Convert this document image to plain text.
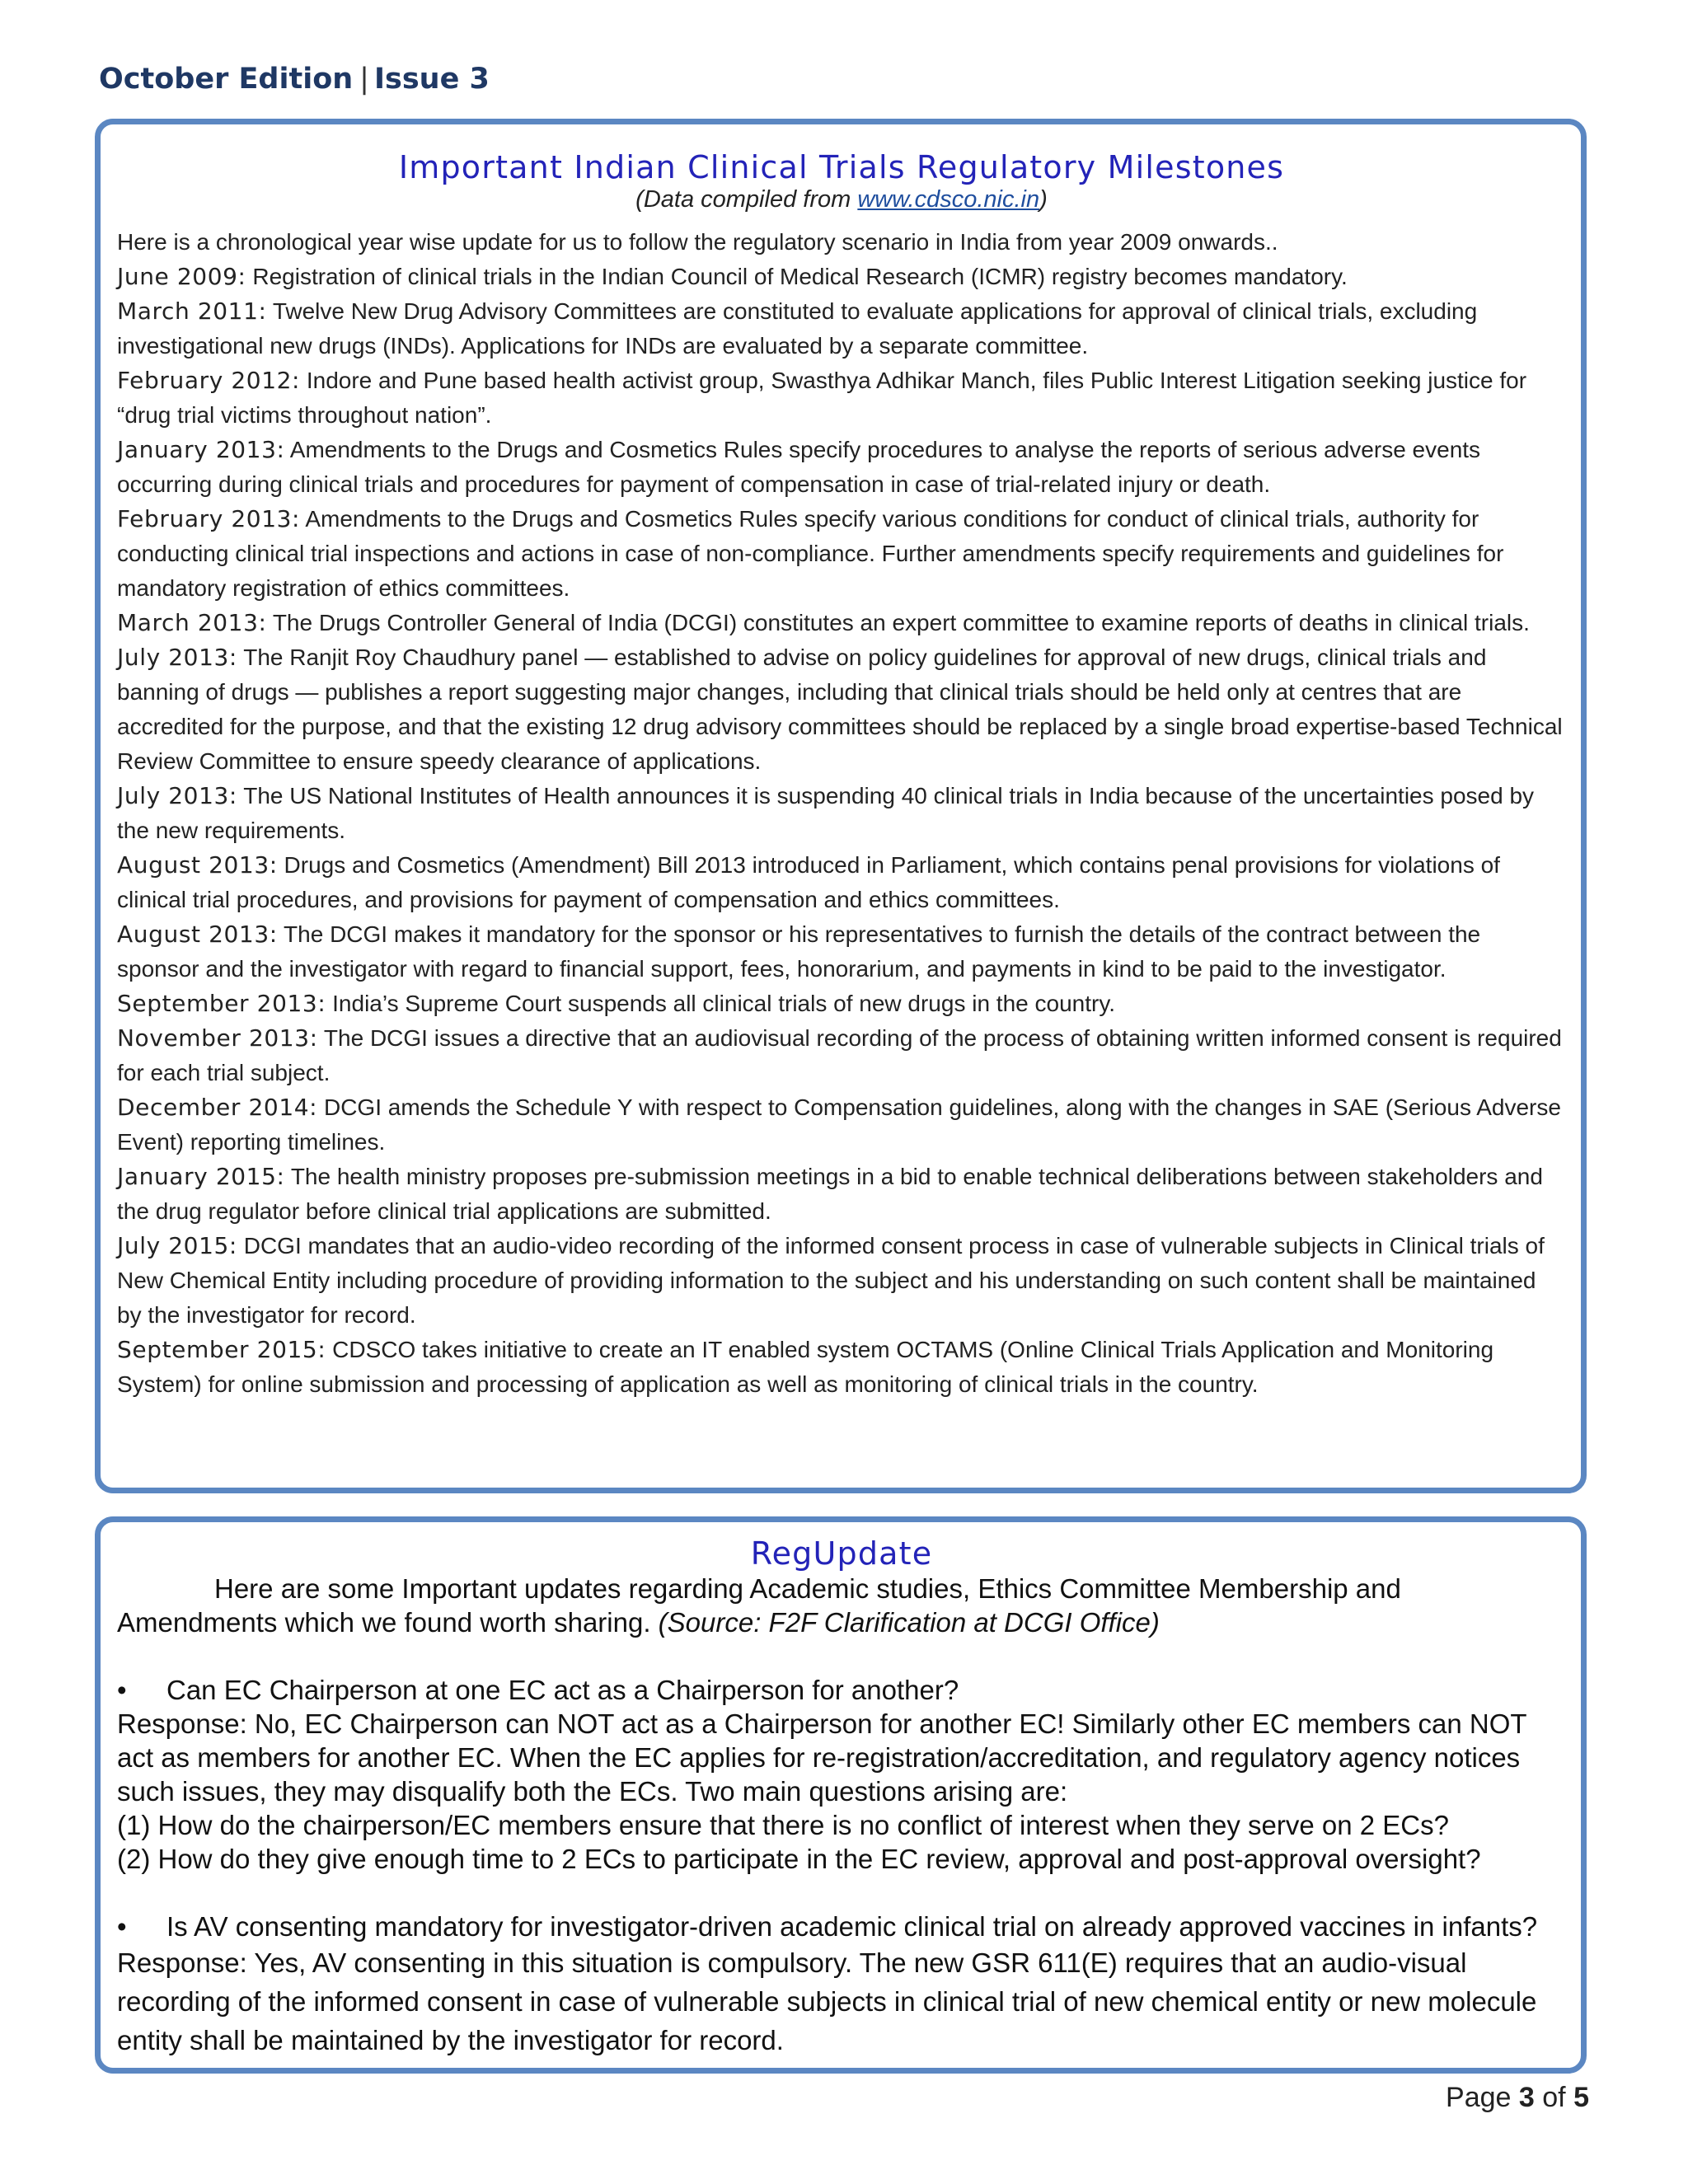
October Edition | Issue 3
Important Indian Clinical Trials Regulatory Milestones
(Data compiled from www.cdsco.nic.in)

Here is a chronological year wise update for us to follow the regulatory scenario in India from year 2009 onwards..

June 2009: Registration of clinical trials in the Indian Council of Medical Research (ICMR) registry becomes mandatory.

March 2011: Twelve New Drug Advisory Committees are constituted to evaluate applications for approval of clinical trials, excluding investigational new drugs (INDs). Applications for INDs are evaluated by a separate committee.

February 2012: Indore and Pune based health activist group, Swasthya Adhikar Manch, files Public Interest Litigation seeking justice for “drug trial victims throughout nation”.

January 2013: Amendments to the Drugs and Cosmetics Rules specify procedures to analyse the reports of serious adverse events occurring during clinical trials and procedures for payment of compensation in case of trial-related injury or death.

February 2013: Amendments to the Drugs and Cosmetics Rules specify various conditions for conduct of clinical trials, authority for conducting clinical trial inspections and actions in case of non-compliance. Further amendments specify requirements and guidelines for mandatory registration of ethics committees.

March 2013: The Drugs Controller General of India (DCGI) constitutes an expert committee to examine reports of deaths in clinical trials.

July 2013: The Ranjit Roy Chaudhury panel — established to advise on policy guidelines for approval of new drugs, clinical trials and banning of drugs — publishes a report suggesting major changes, including that clinical trials should be held only at centres that are accredited for the purpose, and that the existing 12 drug advisory committees should be replaced by a single broad expertise-based Technical Review Committee to ensure speedy clearance of applications.

July 2013: The US National Institutes of Health announces it is suspending 40 clinical trials in India because of the uncertainties posed by the new requirements.

August 2013: Drugs and Cosmetics (Amendment) Bill 2013 introduced in Parliament, which contains penal provisions for violations of clinical trial procedures, and provisions for payment of compensation and ethics committees.

August 2013: The DCGI makes it mandatory for the sponsor or his representatives to furnish the details of the contract between the sponsor and the investigator with regard to financial support, fees, honorarium, and payments in kind to be paid to the investigator.

September 2013: India’s Supreme Court suspends all clinical trials of new drugs in the country.

November 2013: The DCGI issues a directive that an audiovisual recording of the process of obtaining written informed consent is required for each trial subject.

December 2014: DCGI amends the Schedule Y with respect to Compensation guidelines, along with the changes in SAE (Serious Adverse Event) reporting timelines.

January 2015: The health ministry proposes pre-submission meetings in a bid to enable technical deliberations between stakeholders and the drug regulator before clinical trial applications are submitted.

July 2015: DCGI mandates that an audio-video recording of the informed consent process in case of vulnerable subjects in Clinical trials of New Chemical Entity including procedure of providing information to the subject and his understanding on such content shall be maintained by the investigator for record.

September 2015: CDSCO takes initiative to create an IT enabled system OCTAMS (Online Clinical Trials Application and Monitoring System) for online submission and processing of application as well as monitoring of clinical trials in the country.

RegUpdate

Here are some Important updates regarding Academic studies, Ethics Committee Membership and Amendments which we found worth sharing. (Source: F2F Clarification at DCGI Office)

•	Can EC Chairperson at one EC act as a Chairperson for another?

Response: No, EC Chairperson can NOT act as a Chairperson for another EC! Similarly other EC members can NOT act as members for another EC. When the EC applies for re-registration/accreditation, and regulatory agency notices such issues, they may disqualify both the ECs. Two main questions arising are:

(1) How do the chairperson/EC members ensure that there is no conflict of interest when they serve on 2 ECs?

(2) How do they give enough time to 2 ECs to participate in the EC review, approval and post-approval oversight?

•	Is AV consenting mandatory for investigator-driven academic clinical trial on already approved vaccines in infants?

Response: Yes, AV consenting in this situation is compulsory. The new GSR 611(E) requires that an audio-visual recording of the informed consent in case of vulnerable subjects in clinical trial of new chemical entity or new molecule entity shall be maintained by the investigator for record.

Page 3 of 5
